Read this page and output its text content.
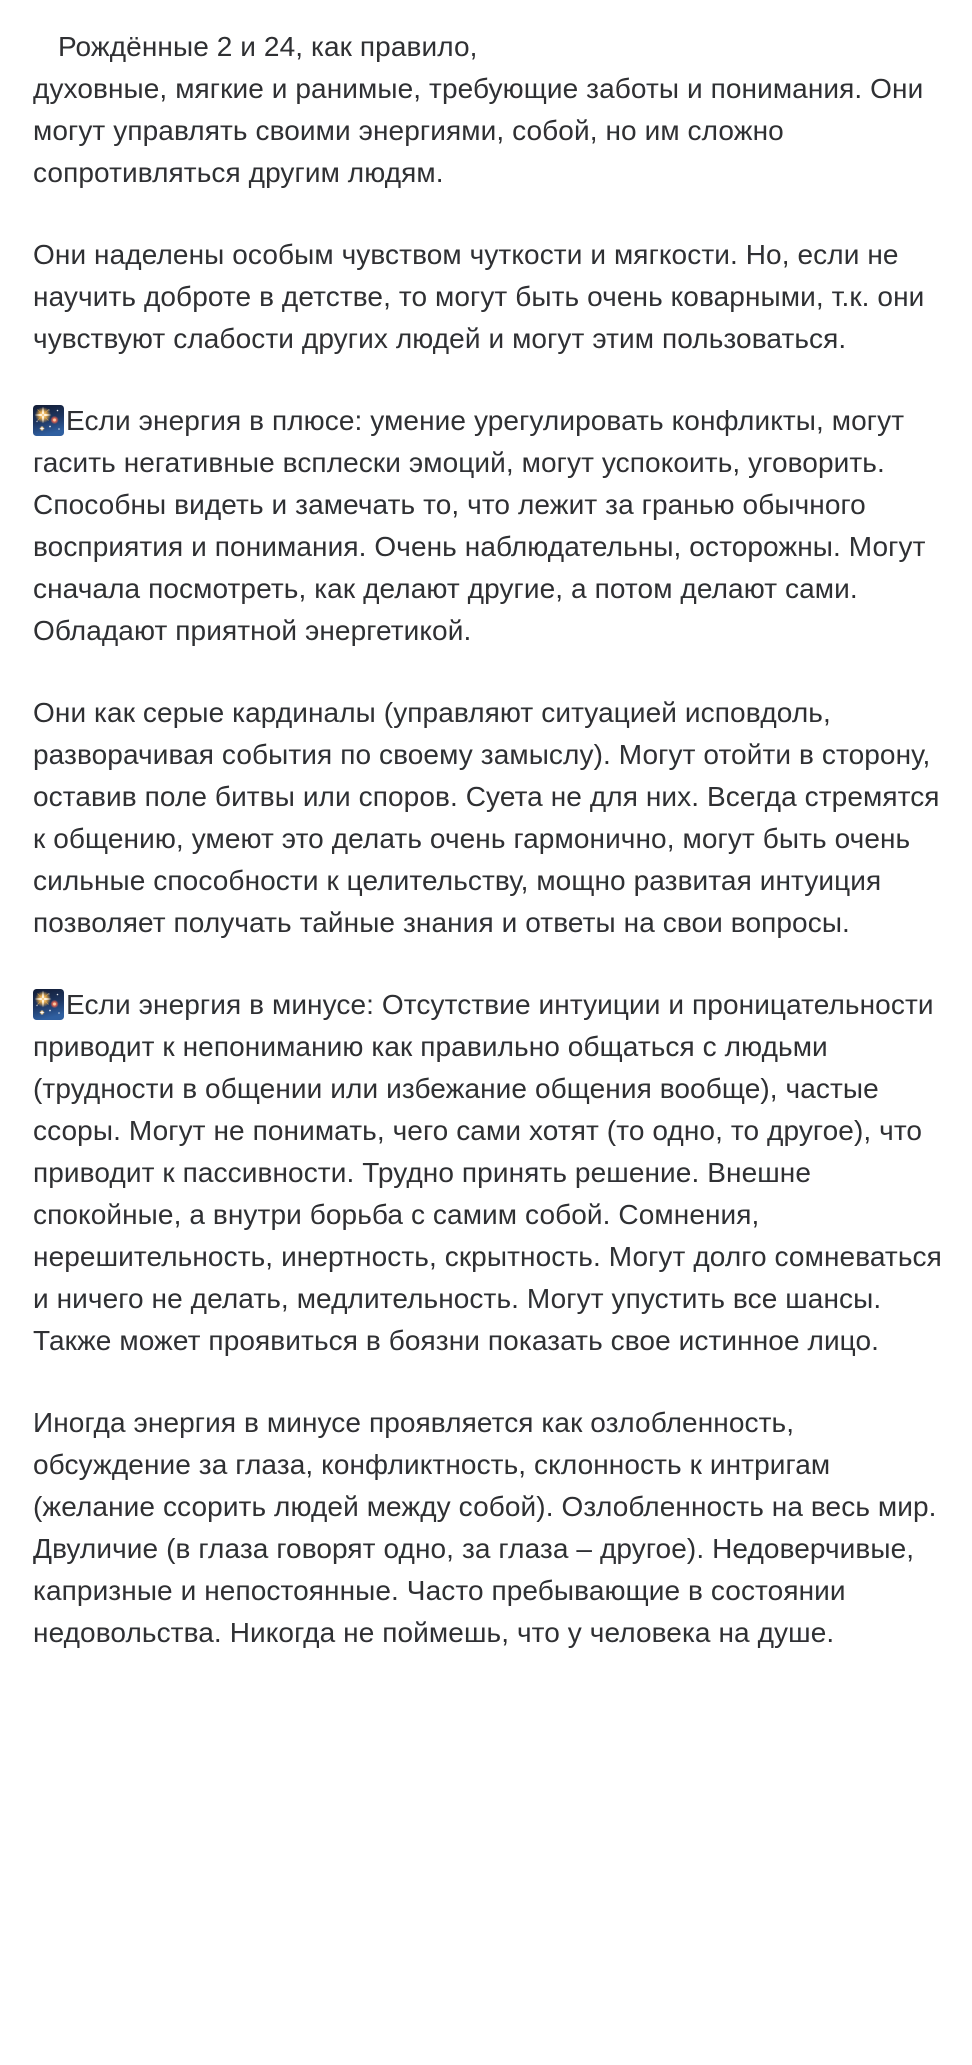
Рождённые 2 и 24, как правило,
духовные, мягкие и ранимые, требующие заботы и понимания. Они могут управлять своими энергиями, собой, но им сложно сопротивляться другим людям.

Они наделены особым чувством чуткости и мягкости. Но, если не научить доброте в детстве, то могут быть очень коварными, т.к. они чувствуют слабости других людей и могут этим пользоваться.

Если энергия в плюсе: умение урегулировать конфликты, могут гасить негативные всплески эмоций, могут успокоить, уговорить. Способны видеть и замечать то, что лежит за гранью обычного восприятия и понимания. Очень наблюдательны, осторожны. Могут сначала посмотреть, как делают другие, а потом делают сами. Обладают приятной энергетикой.

Они как серые кардиналы (управляют ситуацией исповдоль, разворачивая события по своему замыслу). Могут отойти в сторону, оставив поле битвы или споров. Суета не для них. Всегда стремятся к общению, умеют это делать очень гармонично, могут быть очень сильные способности к целительству, мощно развитая интуиция позволяет получать тайные знания и ответы на свои вопросы.

Если энергия в минусе: Отсутствие интуиции и проницательности приводит к непониманию как правильно общаться с людьми (трудности в общении или избежание общения вообще), частые ссоры. Могут не понимать, чего сами хотят (то одно, то другое), что приводит к пассивности. Трудно принять решение. Внешне спокойные, а внутри борьба с самим собой. Сомнения, нерешительность, инертность, скрытность. Могут долго сомневаться и ничего не делать, медлительность. Могут упустить все шансы. Также может проявиться в боязни показать свое истинное лицо.

Иногда энергия в минусе проявляется как озлобленность, обсуждение за глаза, конфликтность, склонность к интригам (желание ссорить людей между собой). Озлобленность на весь мир. Двуличие (в глаза говорят одно, за глаза – другое). Недоверчивые, капризные и непостоянные. Часто пребывающие в состоянии недовольства. Никогда не поймешь, что у человека на душе.
